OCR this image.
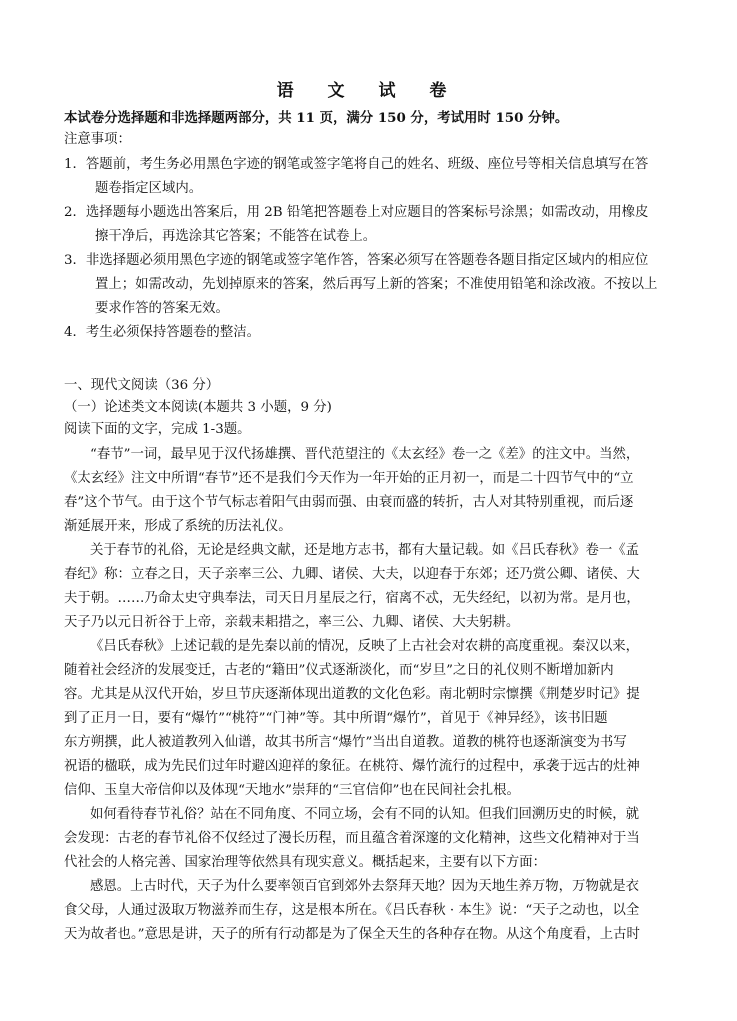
语 文 试 卷
本试卷分选择题和非选择题两部分，共 11 页，满分 150 分，考试用时 150 分钟。
注意事项：
1．答题前，考生务必用黑色字迹的钢笔或签字笔将自己的姓名、班级、座位号等相关信息填写在答
题卷指定区域内。
2．选择题每小题选出答案后，用 2B 铅笔把答题卷上对应题目的答案标号涂黑；如需改动，用橡皮
擦干净后，再选涂其它答案；不能答在试卷上。
3．非选择题必须用黑色字迹的钢笔或签字笔作答，答案必须写在答题卷各题目指定区域内的相应位
置上；如需改动，先划掉原来的答案，然后再写上新的答案；不准使用铅笔和涂改液。不按以上
要求作答的答案无效。
4．考生必须保持答题卷的整洁。
一、现代文阅读（36 分）
（一）论述类文本阅读(本题共 3 小题，9 分)
阅读下面的文字，完成 1-3题。
“春节”一词，最早见于汉代扬雄撰、晋代范望注的《太玄经》卷一之《差》的注文中。当然，
《太玄经》注文中所谓“春节”还不是我们今天作为一年开始的正月初一，而是二十四节气中的“立
春”这个节气。由于这个节气标志着阳气由弱而强、由衰而盛的转折，古人对其特别重视，而后逐
渐延展开来，形成了系统的历法礼仪。
关于春节的礼俗，无论是经典文献，还是地方志书，都有大量记载。如《吕氏春秋》卷一《孟
春纪》称：立春之日，天子亲率三公、九卿、诸侯、大夫，以迎春于东郊；还乃赏公卿、诸侯、大
夫于朝。……乃命太史守典奉法，司天日月星辰之行，宿离不忒，无失经纪，以初为常。是月也，
天子乃以元日祈谷于上帝，亲载耒耜措之，率三公、九卿、诸侯、大夫躬耕。
《吕氏春秋》上述记载的是先秦以前的情况，反映了上古社会对农耕的高度重视。秦汉以来，
随着社会经济的发展变迁，古老的“籍田”仪式逐渐淡化，而“岁旦”之日的礼仪则不断增加新内
容。尤其是从汉代开始，岁旦节庆逐渐体现出道教的文化色彩。南北朝时宗懔撰《荆楚岁时记》提
到了正月一日，要有“爆竹”“桃符”“门神”等。其中所谓“爆竹”，首见于《神异经》，该书旧题
东方朔撰，此人被道教列入仙谱，故其书所言“爆竹”当出自道教。道教的桃符也逐渐演变为书写
祝语的楹联，成为先民们过年时避凶迎祥的象征。在桃符、爆竹流行的过程中，承袭于远古的灶神
信仰、玉皇大帝信仰以及体现“天地水”崇拜的“三官信仰”也在民间社会扎根。
如何看待春节礼俗？站在不同角度、不同立场，会有不同的认知。但我们回溯历史的时候，就
会发现：古老的春节礼俗不仅经过了漫长历程，而且蕴含着深邃的文化精神，这些文化精神对于当
代社会的人格完善、国家治理等依然具有现实意义。概括起来，主要有以下方面：
感恩。上古时代，天子为什么要率领百官到郊外去祭拜天地？因为天地生养万物，万物就是衣
食父母，人通过汲取万物滋养而生存，这是根本所在。《吕氏春秋 · 本生》说：“天子之动也，以全
天为故者也。”意思是讲，天子的所有行动都是为了保全天生的各种存在物。从这个角度看，上古时
